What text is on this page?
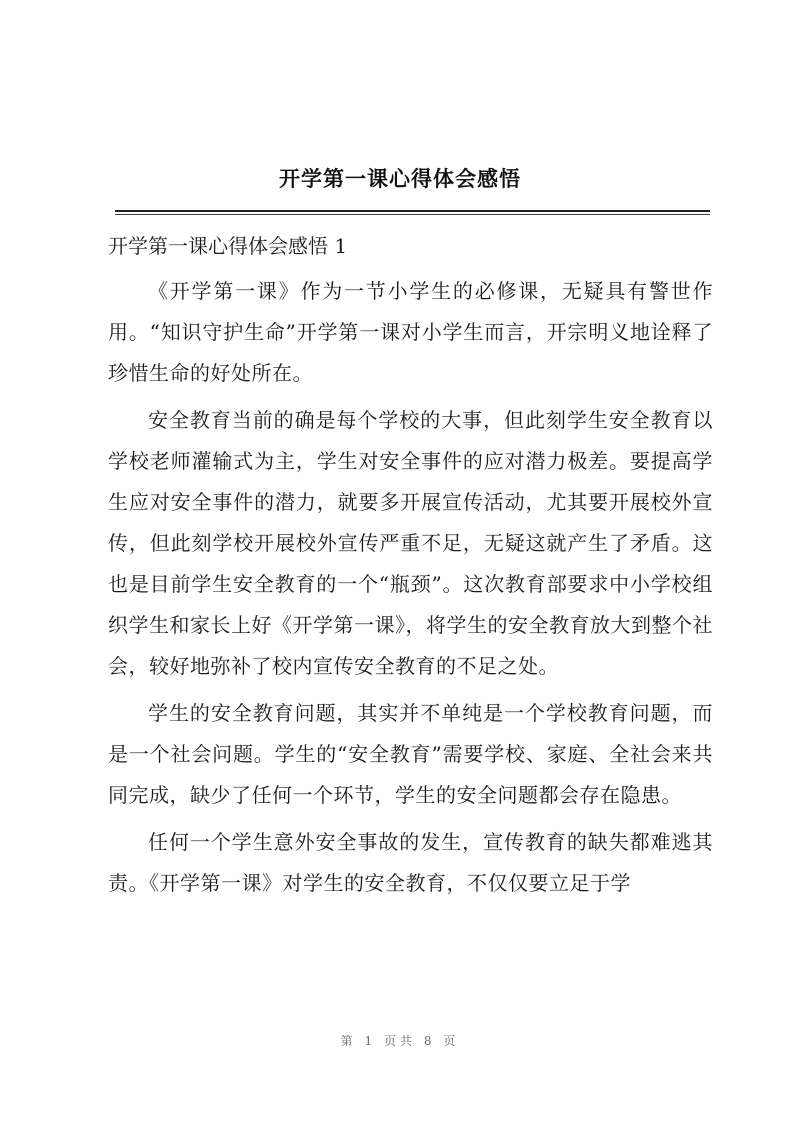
开学第一课心得体会感悟
开学第一课心得体会感悟 1

《开学第一课》作为一节小学生的必修课，无疑具有警世作用。“知识守护生命”开学第一课对小学生而言，开宗明义地诠释了珍惜生命的好处所在。

安全教育当前的确是每个学校的大事，但此刻学生安全教育以学校老师灌输式为主，学生对安全事件的应对潜力极差。要提高学生应对安全事件的潜力，就要多开展宣传活动，尤其要开展校外宣传，但此刻学校开展校外宣传严重不足，无疑这就产生了矛盾。这也是目前学生安全教育的一个“瓶颈”。这次教育部要求中小学校组织学生和家长上好《开学第一课》，将学生的安全教育放大到整个社会，较好地弥补了校内宣传安全教育的不足之处。

学生的安全教育问题，其实并不单纯是一个学校教育问题，而是一个社会问题。学生的“安全教育”需要学校、家庭、全社会来共同完成，缺少了任何一个环节，学生的安全问题都会存在隐患。

任何一个学生意外安全事故的发生，宣传教育的缺失都难逃其责。《开学第一课》对学生的安全教育，不仅仅要立足于学

第 1 页共 8 页
